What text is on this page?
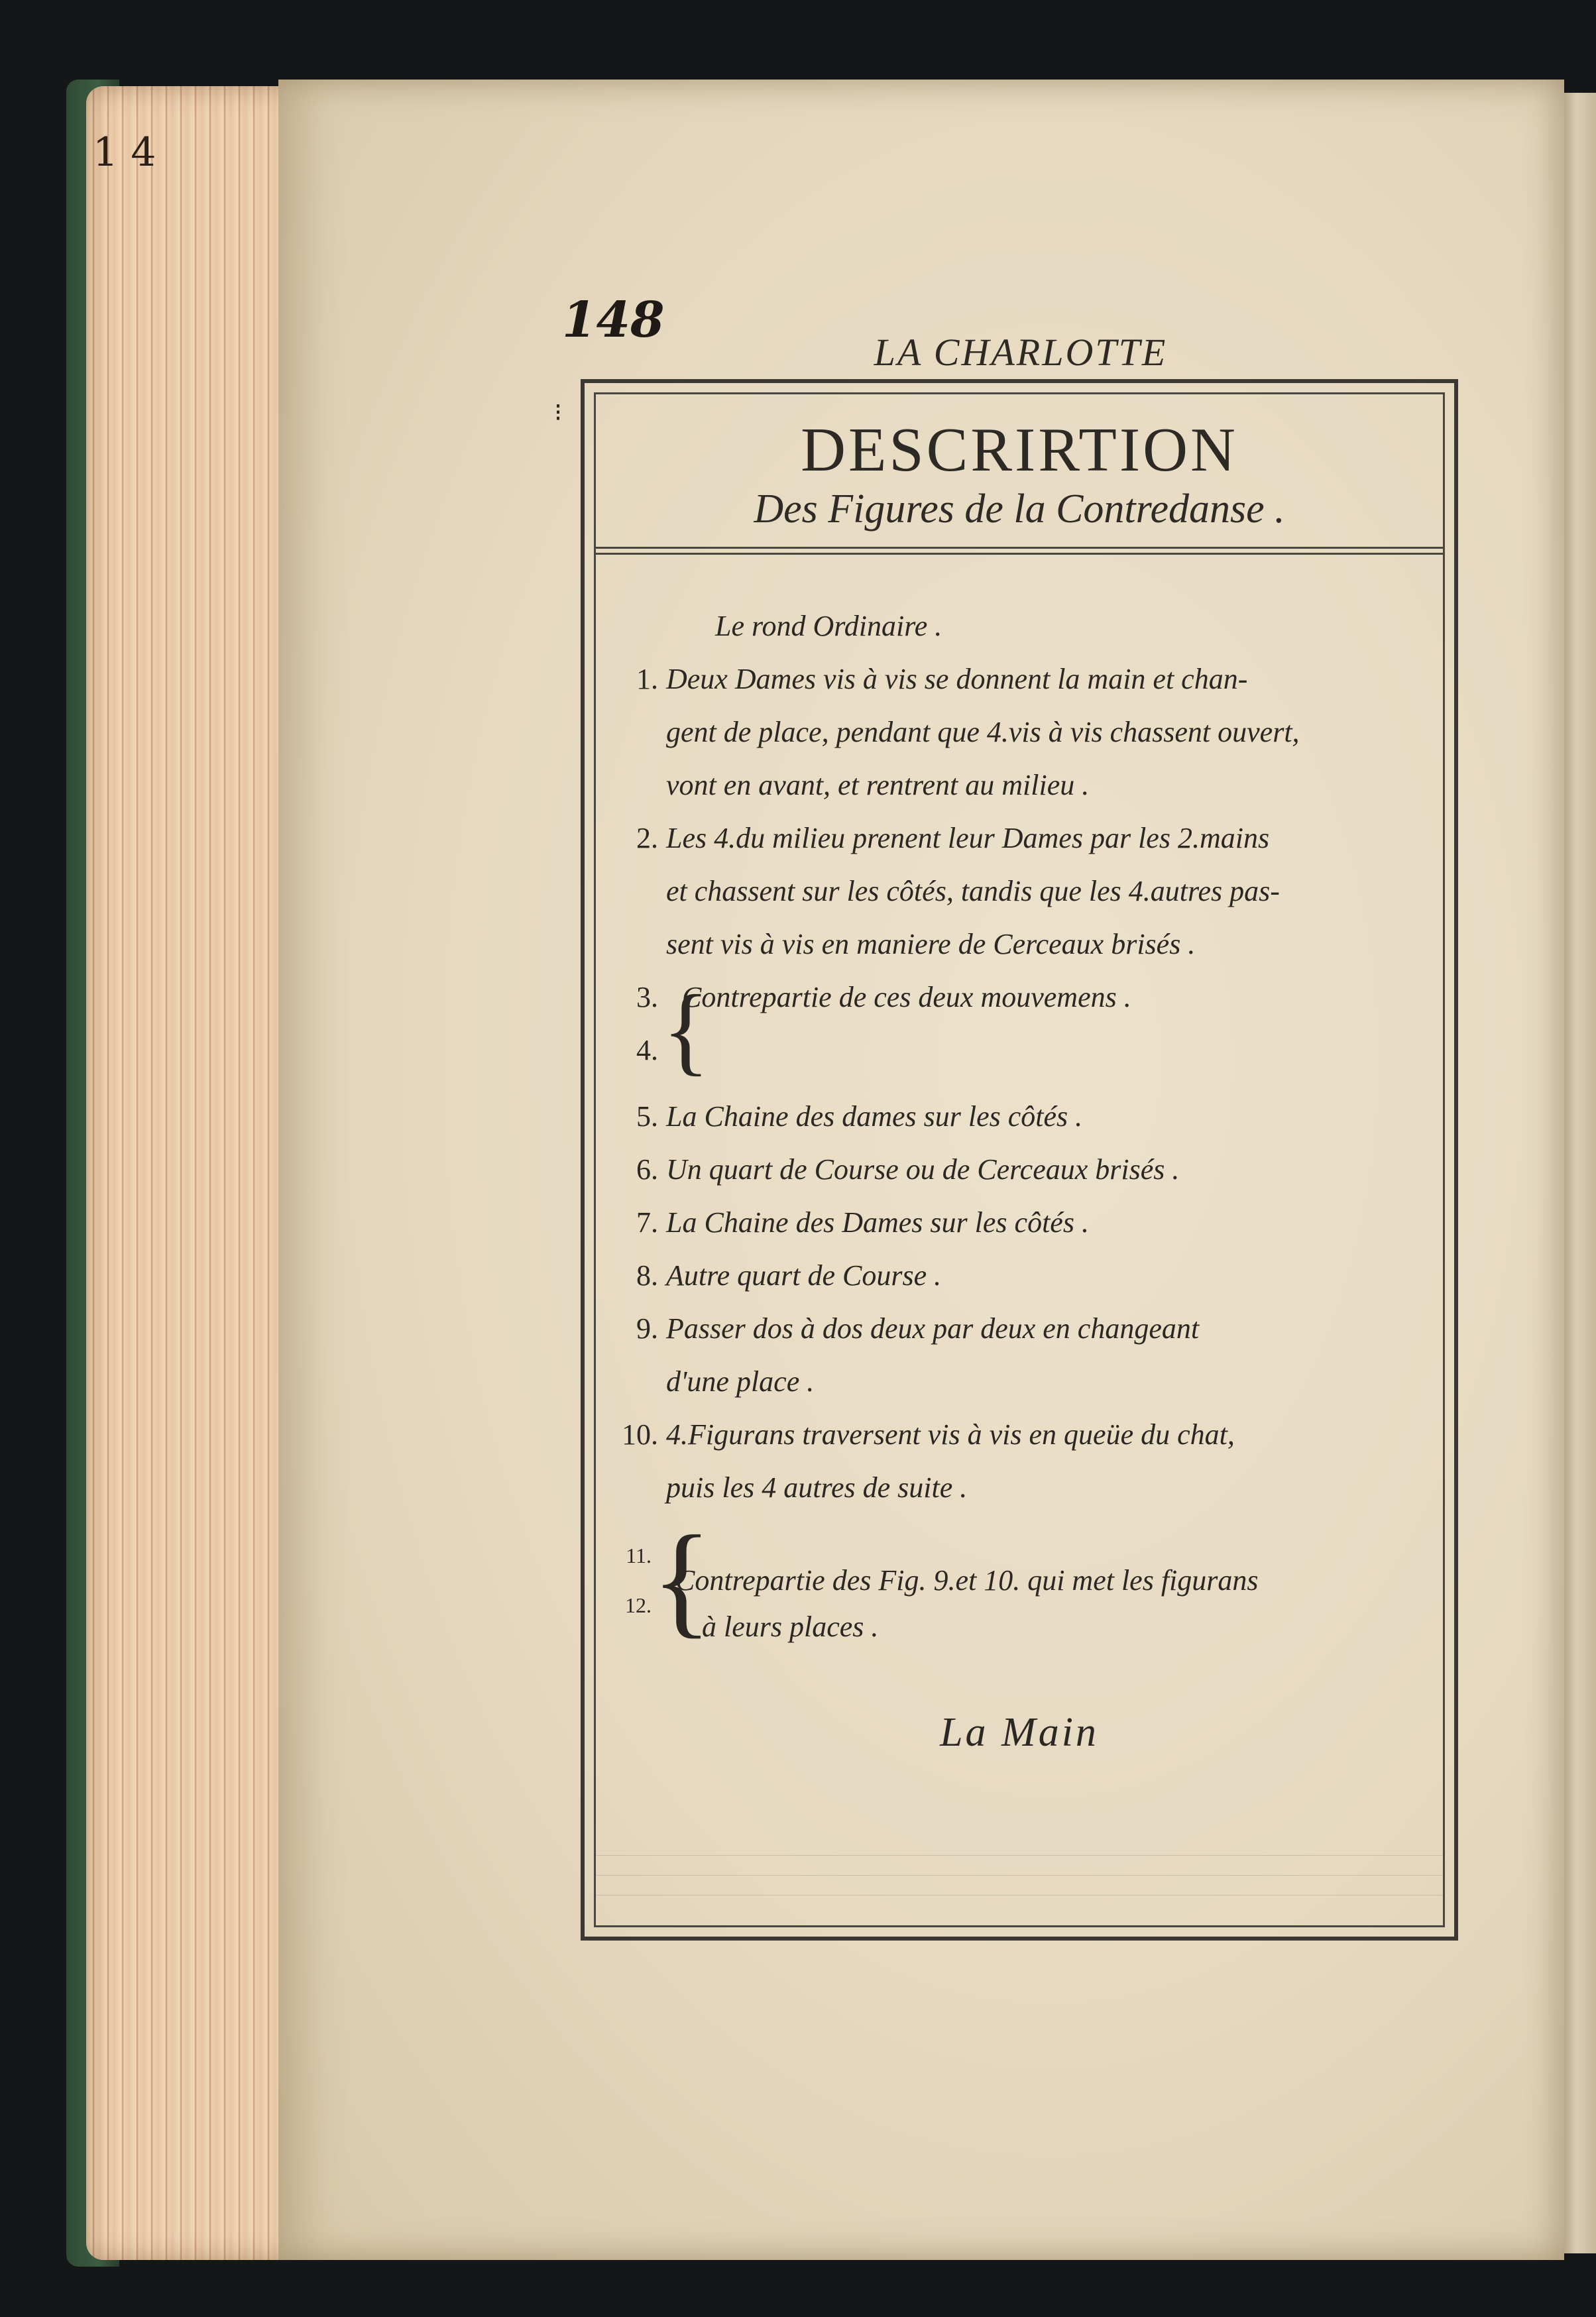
1 4
148
⁝
LA CHARLOTTE
DESCRIRTION
Des Figures de la Contredanse .
Le rond Ordinaire .
1. Deux Dames vis à vis se donnent la main et chan-
gent de place, pendant que 4.vis à vis chassent ouvert,
vont en avant, et rentrent au milieu .
2. Les 4.du milieu prenent leur Dames par les 2.mains
et chassent sur les côtés, tandis que les 4.autres pas-
sent vis à vis en maniere de Cerceaux brisés .
3. Contrepartie de ces deux mouvemens .
4. {
5. La Chaine des dames sur les côtés .
6. Un quart de Course ou de Cerceaux brisés .
7. La Chaine des Dames sur les côtés .
8. Autre quart de Course .
9. Passer dos à dos deux par deux en changeant
d'une place .
10. 4.Figurans traversent vis à vis en queüe du chat,
puis les 4 autres de suite .
11.
12. {
Contrepartie des Fig. 9.et 10. qui met les figurans
à leurs places .
La Main
